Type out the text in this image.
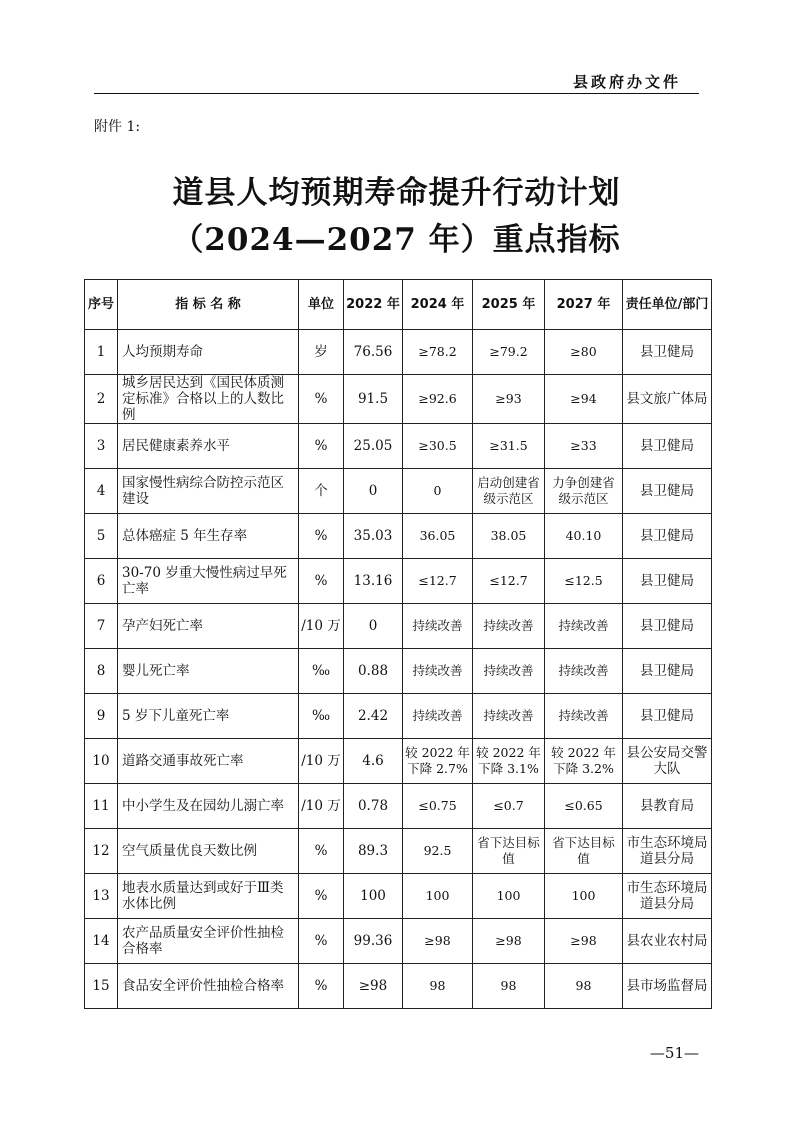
县政府办文件
附件 1:
道县人均预期寿命提升行动计划
（2024—2027 年）重点指标
序号	指 标 名 称	单位	2022 年	2024 年	2025 年	2027 年	责任单位/部门
1	人均预期寿命	岁	76.56	≥78.2	≥79.2	≥80	县卫健局
2	城乡居民达到《国民体质测定标准》合格以上的人数比例	%	91.5	≥92.6	≥93	≥94	县文旅广体局
3	居民健康素养水平	%	25.05	≥30.5	≥31.5	≥33	县卫健局
4	国家慢性病综合防控示范区建设	个	0	0	启动创建省级示范区	力争创建省级示范区	县卫健局
5	总体癌症 5 年生存率	%	35.03	36.05	38.05	40.10	县卫健局
6	30-70 岁重大慢性病过早死亡率	%	13.16	≤12.7	≤12.7	≤12.5	县卫健局
7	孕产妇死亡率	/10 万	0	持续改善	持续改善	持续改善	县卫健局
8	婴儿死亡率	‰	0.88	持续改善	持续改善	持续改善	县卫健局
9	5 岁下儿童死亡率	‰	2.42	持续改善	持续改善	持续改善	县卫健局
10	道路交通事故死亡率	/10 万	4.6	较 2022 年下降 2.7%	较 2022 年下降 3.1%	较 2022 年下降 3.2%	县公安局交警大队
11	中小学生及在园幼儿溺亡率	/10 万	0.78	≤0.75	≤0.7	≤0.65	县教育局
12	空气质量优良天数比例	%	89.3	92.5	省下达目标值	省下达目标值	市生态环境局道县分局
13	地表水质量达到或好于Ⅲ类水体比例	%	100	100	100	100	市生态环境局道县分局
14	农产品质量安全评价性抽检合格率	%	99.36	≥98	≥98	≥98	县农业农村局
15	食品安全评价性抽检合格率	%	≥98	98	98	98	县市场监督局
—51—
